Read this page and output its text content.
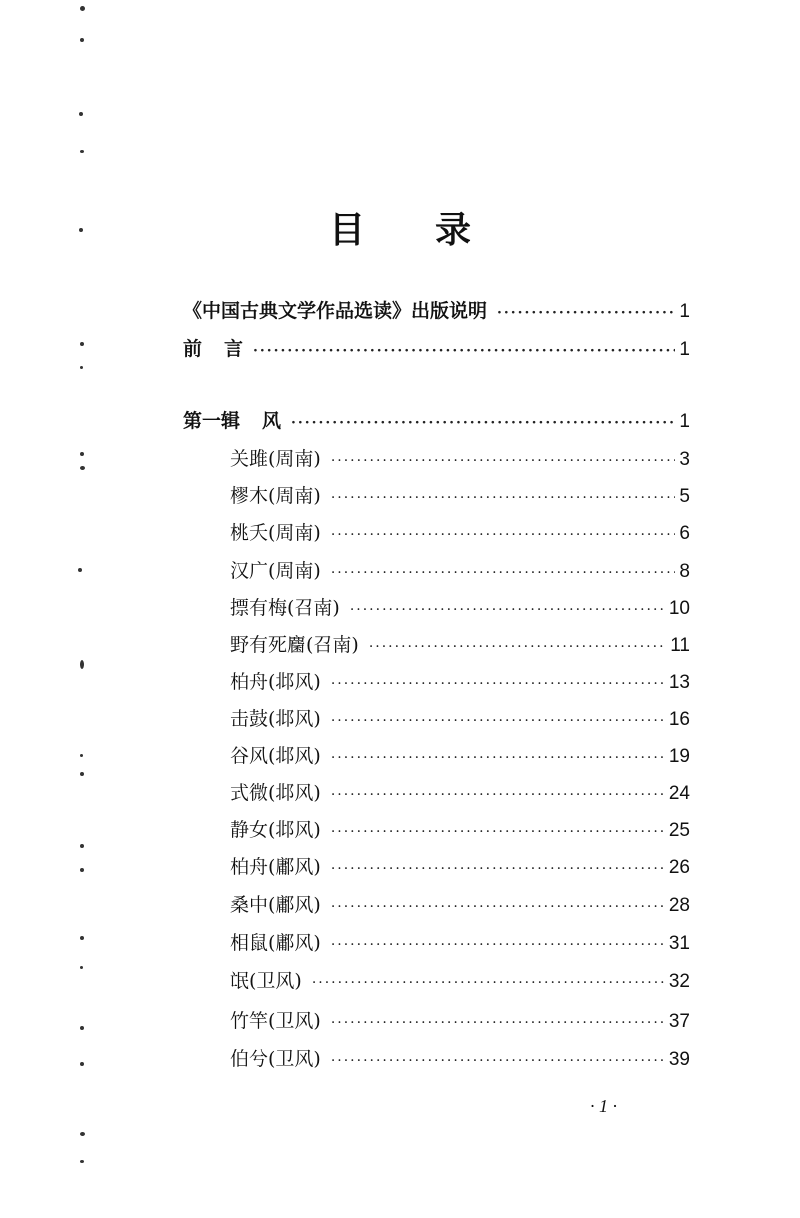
目 录
《中国古典文学作品选读》出版说明 ·····	1
前 言 ·····	1
第一辑 风 ·····	1
关雎(周南) ·····	3
樛木(周南) ·····	5
桃夭(周南) ·····	6
汉广(周南) ·····	8
摽有梅(召南) ·····	10
野有死麕(召南) ·····	11
柏舟(邶风) ·····	13
击鼓(邶风) ·····	16
谷风(邶风) ·····	19
式微(邶风) ·····	24
静女(邶风) ·····	25
柏舟(鄘风) ·····	26
桑中(鄘风) ·····	28
相鼠(鄘风) ·····	31
氓(卫风) ·····	32
竹竿(卫风) ·····	37
伯兮(卫风) ·····	39
· 1 ·
